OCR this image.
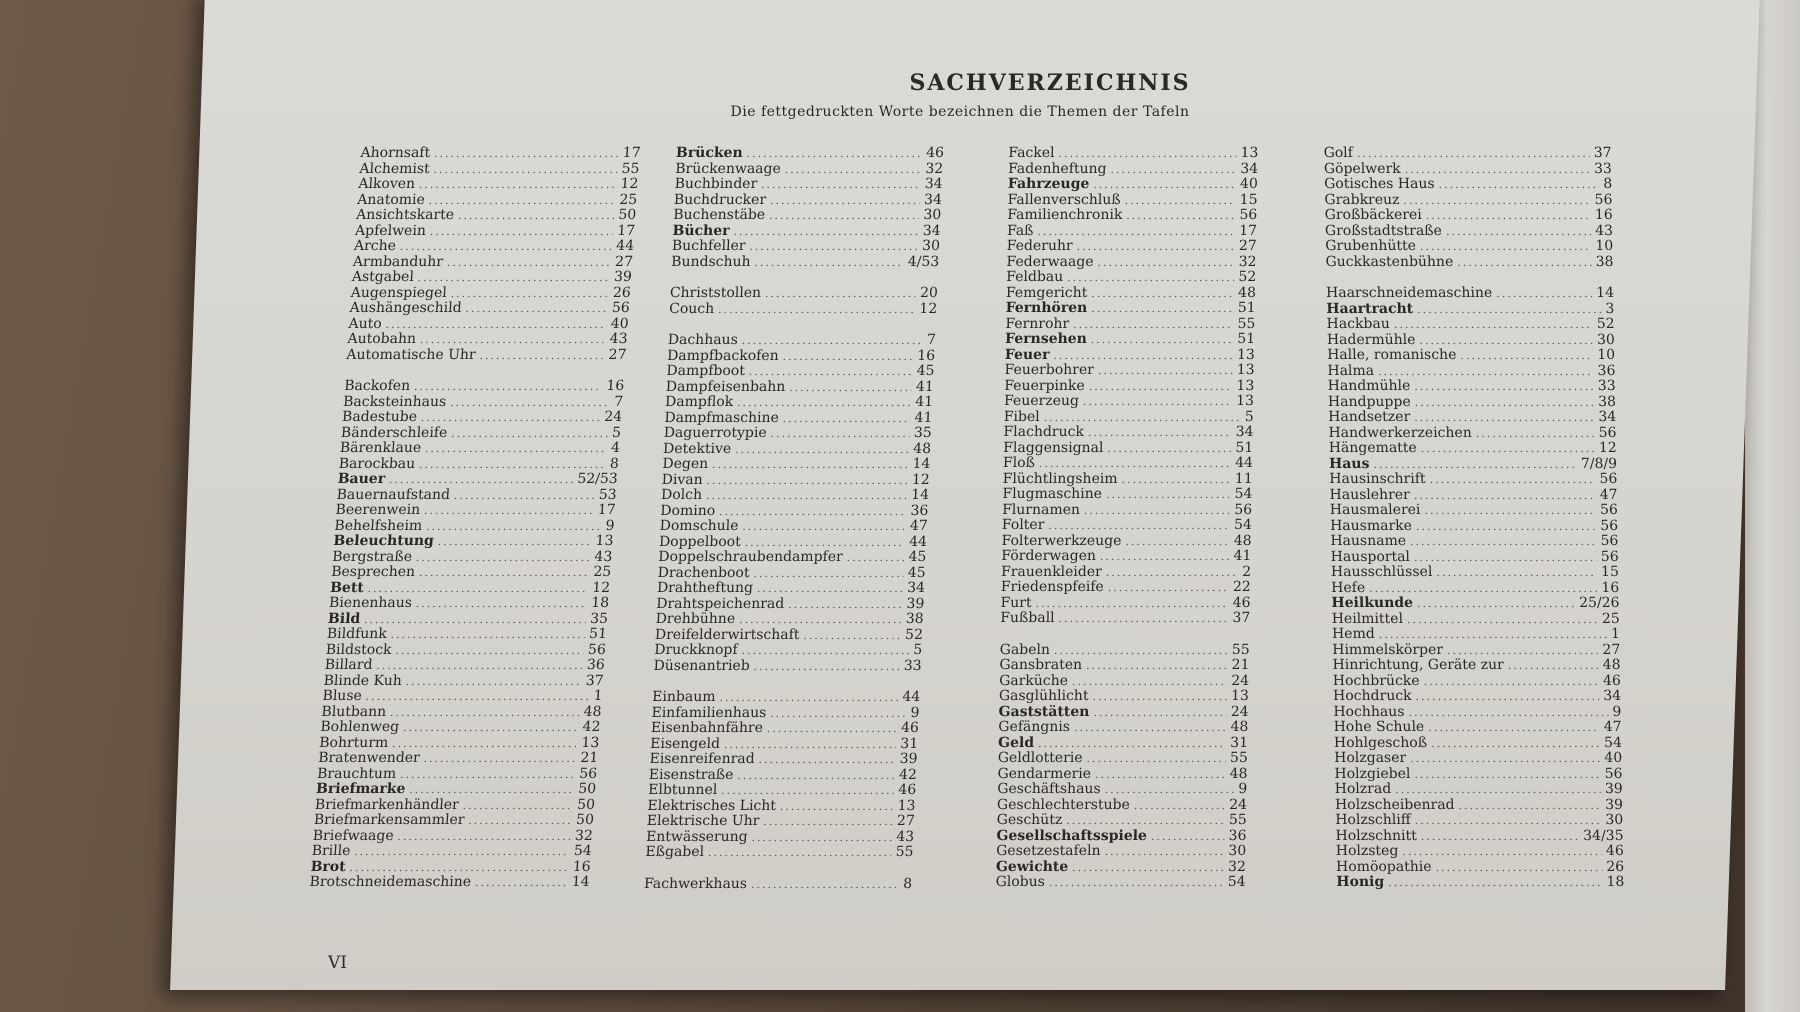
SACHVERZEICHNIS
Die fettgedruckten Worte bezeichnen die Themen der Tafeln
Ahornsaft .....	17
Alchemist .....	55
Alkoven .....	12
Anatomie .....	25
Ansichtskarte .....	50
Apfelwein .....	17
Arche .....	44
Armbanduhr .....	27
Astgabel .....	39
Augenspiegel .....	26
Aushängeschild .....	56
Auto .....	40
Autobahn .....	43
Automatische Uhr .....	27
Backofen .....	16
Backsteinhaus .....	7
Badestube .....	24
Bänderschleife .....	5
Bärenklaue .....	4
Barockbau .....	8
Bauer .....	52/53
Bauernaufstand .....	53
Beerenwein .....	17
Behelfsheim .....	9
Beleuchtung .....	13
Bergstraße .....	43
Besprechen .....	25
Bett .....	12
Bienenhaus .....	18
Bild .....	35
Bildfunk .....	51
Bildstock .....	56
Billard .....	36
Blinde Kuh .....	37
Bluse .....	1
Blutbann .....	48
Bohlenweg .....	42
Bohrturm .....	13
Bratenwender .....	21
Brauchtum .....	56
Briefmarke .....	50
Briefmarkenhändler .....	50
Briefmarkensammler .....	50
Briefwaage .....	32
Brille .....	54
Brot .....	16
Brotschneidemaschine .....	14
Brücken .....	46
Brückenwaage .....	32
Buchbinder .....	34
Buchdrucker .....	34
Buchenstäbe .....	30
Bücher .....	34
Buchfeller .....	30
Bundschuh .....	4/53
Christstollen .....	20
Couch .....	12
Dachhaus .....	7
Dampfbackofen .....	16
Dampfboot .....	45
Dampfeisenbahn .....	41
Dampflok .....	41
Dampfmaschine .....	41
Daguerrotypie .....	35
Detektive .....	48
Degen .....	14
Divan .....	12
Dolch .....	14
Domino .....	36
Domschule .....	47
Doppelboot .....	44
Doppelschraubendampfer .....	45
Drachenboot .....	45
Drahtheftung .....	34
Drahtspeichenrad .....	39
Drehbühne .....	38
Dreifelderwirtschaft .....	52
Druckknopf .....	5
Düsenantrieb .....	33
Einbaum .....	44
Einfamilienhaus .....	9
Eisenbahnfähre .....	46
Eisengeld .....	31
Eisenreifenrad .....	39
Eisenstraße .....	42
Elbtunnel .....	46
Elektrisches Licht .....	13
Elektrische Uhr .....	27
Entwässerung .....	43
Eßgabel .....	55
Fachwerkhaus .....	8
Fackel .....	13
Fadenheftung .....	34
Fahrzeuge .....	40
Fallenverschluß .....	15
Familienchronik .....	56
Faß .....	17
Federuhr .....	27
Federwaage .....	32
Feldbau .....	52
Femgericht .....	48
Fernhören .....	51
Fernrohr .....	55
Fernsehen .....	51
Feuer .....	13
Feuerbohrer .....	13
Feuerpinke .....	13
Feuerzeug .....	13
Fibel .....	5
Flachdruck .....	34
Flaggensignal .....	51
Floß .....	44
Flüchtlingsheim .....	11
Flugmaschine .....	54
Flurnamen .....	56
Folter .....	54
Folterwerkzeuge .....	48
Förderwagen .....	41
Frauenkleider .....	2
Friedenspfeife .....	22
Furt .....	46
Fußball .....	37
Gabeln .....	55
Gansbraten .....	21
Garküche .....	24
Gasglühlicht .....	13
Gaststätten .....	24
Gefängnis .....	48
Geld .....	31
Geldlotterie .....	55
Gendarmerie .....	48
Geschäftshaus .....	9
Geschlechterstube .....	24
Geschütz .....	55
Gesellschaftsspiele .....	36
Gesetzestafeln .....	30
Gewichte .....	32
Globus .....	54
Golf .....	37
Göpelwerk .....	33
Gotisches Haus .....	8
Grabkreuz .....	56
Großbäckerei .....	16
Großstadtstraße .....	43
Grubenhütte .....	10
Guckkastenbühne .....	38
Haarschneidemaschine .....	14
Haartracht .....	3
Hackbau .....	52
Hadermühle .....	30
Halle, romanische .....	10
Halma .....	36
Handmühle .....	33
Handpuppe .....	38
Handsetzer .....	34
Handwerkerzeichen .....	56
Hängematte .....	12
Haus .....	7/8/9
Hausinschrift .....	56
Hauslehrer .....	47
Hausmalerei .....	56
Hausmarke .....	56
Hausname .....	56
Hausportal .....	56
Hausschlüssel .....	15
Hefe .....	16
Heilkunde .....	25/26
Heilmittel .....	25
Hemd .....	1
Himmelskörper .....	27
Hinrichtung, Geräte zur .....	48
Hochbrücke .....	46
Hochdruck .....	34
Hochhaus .....	9
Hohe Schule .....	47
Hohlgeschoß .....	54
Holzgaser .....	40
Holzgiebel .....	56
Holzrad .....	39
Holzscheibenrad .....	39
Holzschliff .....	30
Holzschnitt .....	34/35
Holzsteg .....	46
Homöopathie .....	26
Honig .....	18
VI
